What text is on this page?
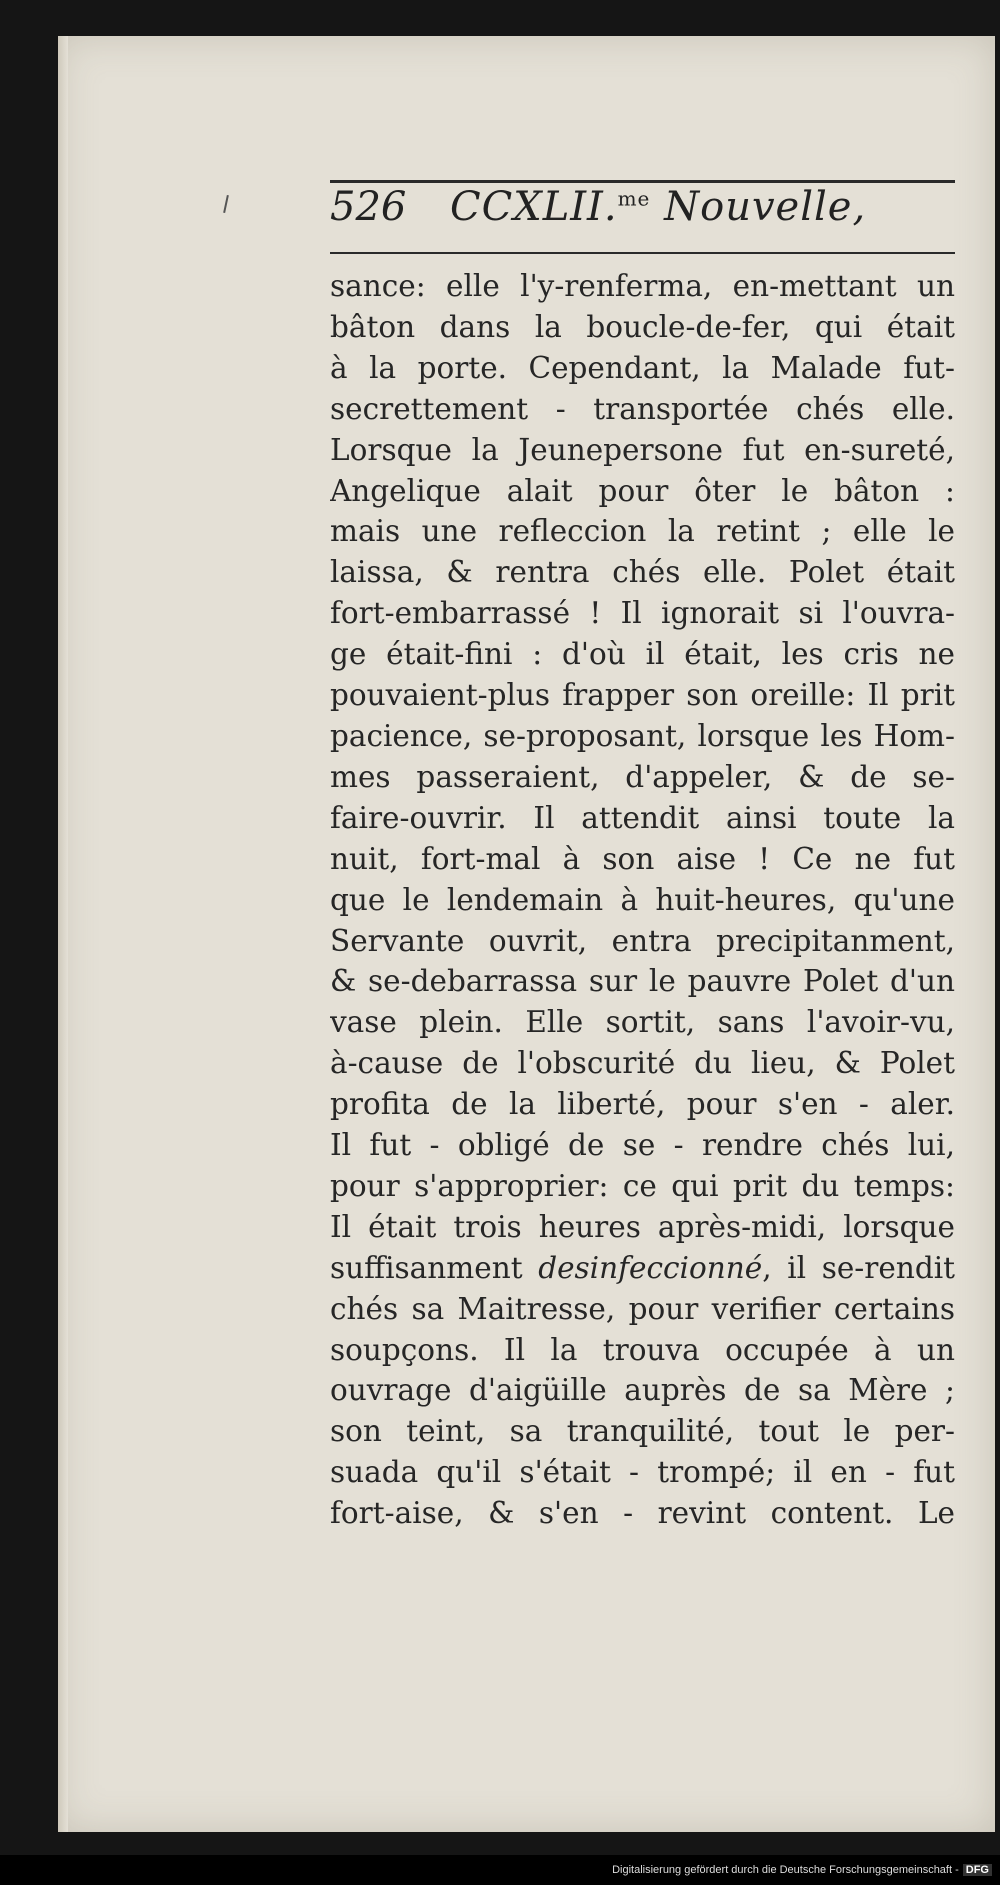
526 CCXLII.$^{me}$ Nouvelle,
sance: elle l'y-renferma, en-mettant un
bâton dans la boucle-de-fer, qui était
à la porte. Cependant, la Malade fut-
secrettement - transportée chés elle.
Lorsque la Jeunepersone fut en-sureté,
Angelique alait pour ôter le bâton :
mais une refleccion la retint ; elle le
laissa, & rentra chés elle. Polet était
fort-embarrassé ! Il ignorait si l'ouvra-
ge était-fini : d'où il était, les cris ne
pouvaient-plus frapper son oreille: Il prit
pacience, se-proposant, lorsque les Hom-
mes passeraient, d'appeler, & de se-
faire-ouvrir. Il attendit ainsi toute la
nuit, fort-mal à son aise ! Ce ne fut
que le lendemain à huit-heures, qu'une
Servante ouvrit, entra precipitanment,
& se-debarrassa sur le pauvre Polet d'un
vase plein. Elle sortit, sans l'avoir-vu,
à-cause de l'obscurité du lieu, & Polet
profita de la liberté, pour s'en - aler.
Il fut - obligé de se - rendre chés lui,
pour s'approprier: ce qui prit du temps:
Il était trois heures après-midi, lorsque
suffisanment desinfeccionné, il se-rendit
chés sa Maitresse, pour verifier certains
soupçons. Il la trouva occupée à un
ouvrage d'aigüille auprès de sa Mère ;
son teint, sa tranquilité, tout le per-
suada qu'il s'était - trompé; il en - fut
fort-aise, & s'en - revint content. Le
Digitalisierung gefördert durch die Deutsche Forschungsgemeinschaft - DFG
